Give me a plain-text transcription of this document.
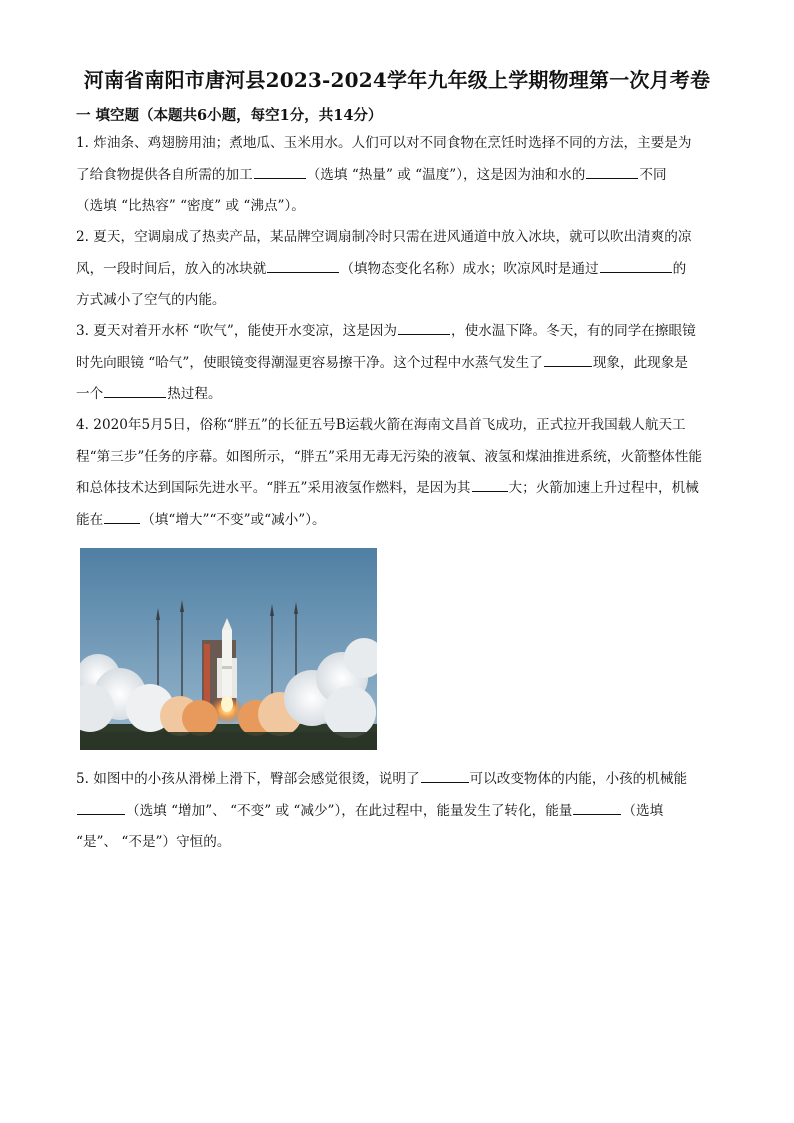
河南省南阳市唐河县2023-2024学年九年级上学期物理第一次月考卷
一 填空题（本题共6小题，每空1分，共14分）

1. 炸油条、鸡翅膀用油；煮地瓜、玉米用水。人们可以对不同食物在烹饪时选择不同的方法，主要是为

了给食物提供各自所需的加工	（选填 “热量” 或 “温度”），这是因为油和水的	不同

（选填 “比热容” “密度” 或 “沸点”）。

2. 夏天，空调扇成了热卖产品，某品牌空调扇制冷时只需在进风通道中放入冰块，就可以吹出清爽的凉

风，一段时间后，放入的冰块就	（填物态变化名称）成水；吹凉风时是通过	的

方式减小了空气的内能。

3. 夏天对着开水杯 “吹气”，能使开水变凉，这是因为	，使水温下降。冬天，有的同学在擦眼镜

时先向眼镜 “哈气”，使眼镜变得潮湿更容易擦干净。这个过程中水蒸气发生了	现象，此现象是

一个	热过程。

4. 2020年5月5日，俗称“胖五”的长征五号B运载火箭在海南文昌首飞成功，正式拉开我国载人航天工

程“第三步”任务的序幕。如图所示，“胖五”采用无毒无污染的液氧、液氢和煤油推进系统，火箭整体性能

和总体技术达到国际先进水平。“胖五”采用液氢作燃料，是因为其	大；火箭加速上升过程中，机械

能在	（填“增大”“不变”或“减小”）。

5. 如图中的小孩从滑梯上滑下，臀部会感觉很烫，说明了	可以改变物体的内能，小孩的机械能

（选填 “增加”、 “不变” 或 “减少”），在此过程中，能量发生了转化，能量	（选填

“是”、 “不是”）守恒的。
